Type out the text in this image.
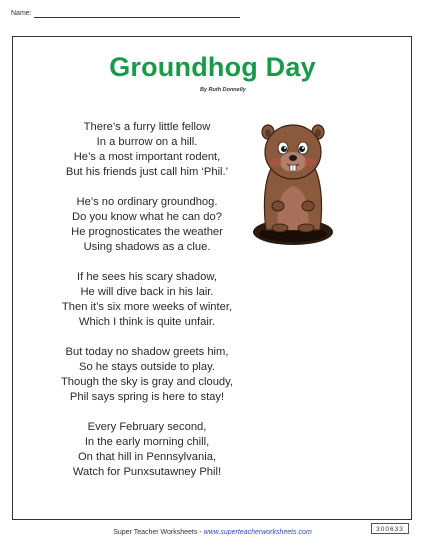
Name:
Groundhog Day
By Ruth Donnelly
There’s a furry little fellow
In a burrow on a hill.
He’s a most important rodent,
But his friends just call him ‘Phil.’
He’s no ordinary groundhog.
Do you know what he can do?
He prognosticates the weather
Using shadows as a clue.
If he sees his scary shadow,
He will dive back in his lair.
Then it’s six more weeks of winter,
Which I think is quite unfair.
But today no shadow greets him,
So he stays outside to play.
Though the sky is gray and cloudy,
Phil says spring is here to stay!
Every February second,
In the early morning chill,
On that hill in Pennsylvania,
Watch for Punxsutawney Phil!
Super Teacher Worksheets - www.superteacherworksheets.com	300633
